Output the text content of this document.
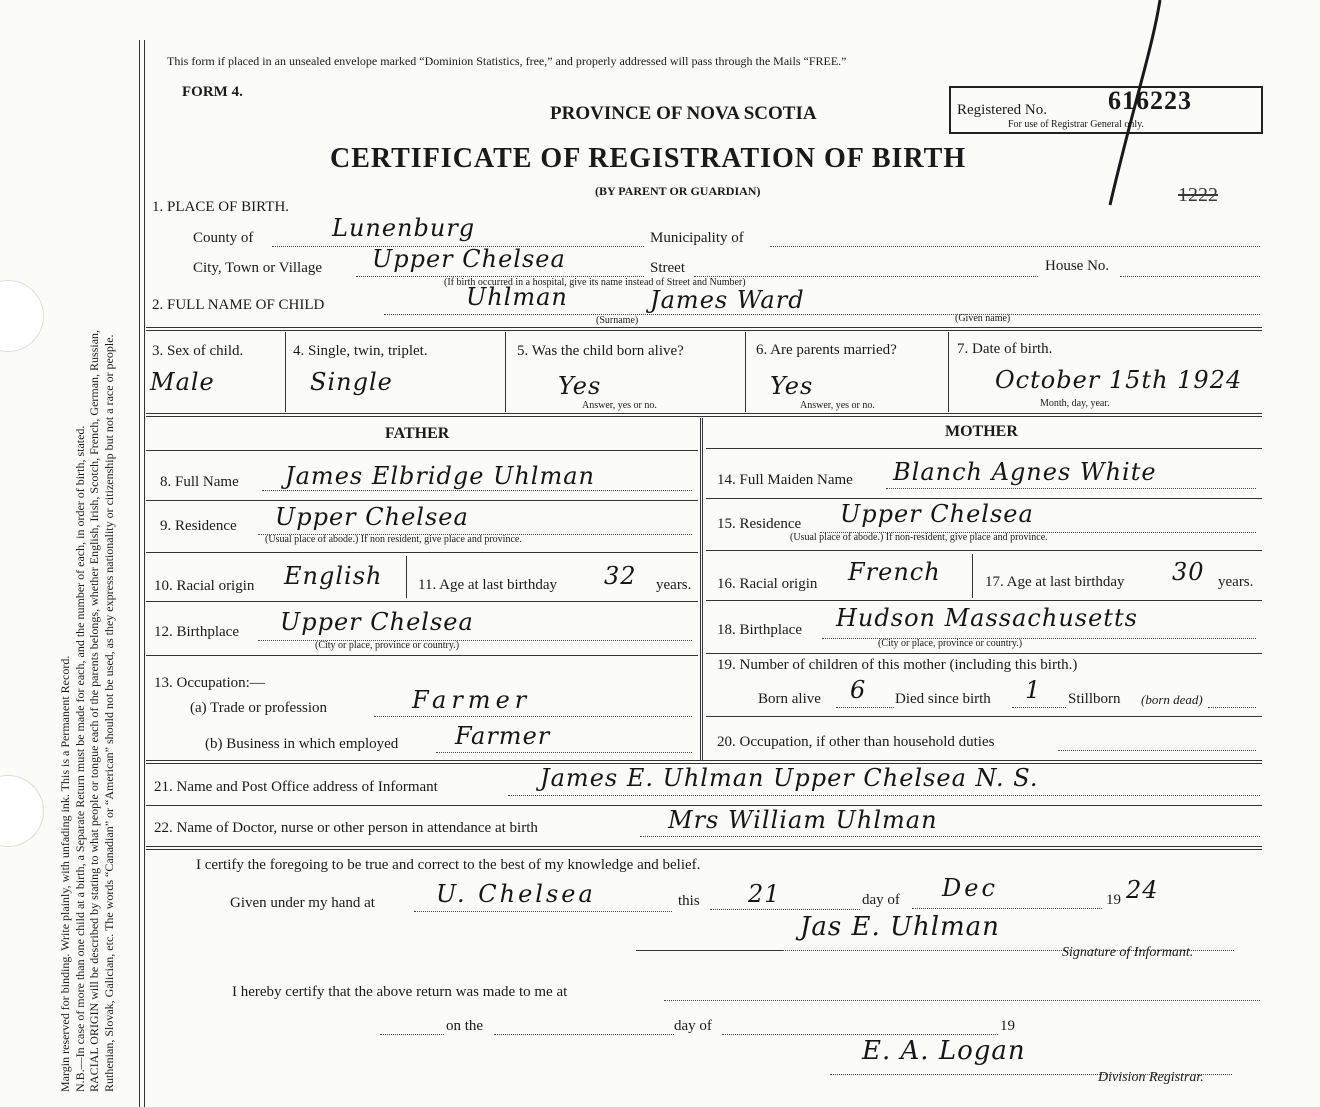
Margin reserved for binding. Write plainly, with unfading ink. This is a Permanent Record. N.B.—In case of more than one child at a birth, a Separate Return must be made for each, and the number of each, in order of birth, stated. RACIAL ORIGIN will be described by stating to what people or tongue each of the parents belongs, whether English, Irish, Scotch, French, German, Russian, Ruthenian, Slovak, Galician, etc. The words “Canadian” or “American” should not be used, as they express nationality or citizenship but not a race or people.
This form if placed in an unsealed envelope marked “Dominion Statistics, free,” and properly addressed will pass through the Mails “FREE.”
FORM 4.
PROVINCE OF NOVA SCOTIA
CERTIFICATE OF REGISTRATION OF BIRTH
(BY PARENT OR GUARDIAN)
Registered No. 616223
For use of Registrar General only.
1222
1. PLACE OF BIRTH.
County of	Lunenburg	Municipality of
City, Town or Village Upper Chelsea	Street	House No.
(If birth occurred in a hospital, give its name instead of Street and Number)
2. FULL NAME OF CHILD	Uhlman	James Ward
(Surname)	(Given name)
3. Sex of child.
Male
4. Single, twin, triplet.
Single
5. Was the child born alive?
Yes
Answer, yes or no.
6. Are parents married?
Yes
Answer, yes or no.
7. Date of birth.
October 15th 1924
Month, day, year.
FATHER	MOTHER
8. Full Name James Elbridge Uhlman
9. Residence Upper Chelsea
(Usual place of abode.) If non resident, give place and province.
10. Racial origin English 11. Age at last birthday 32 years.
12. Birthplace Upper Chelsea
(City or place, province or country.)
13. Occupation:—
(a) Trade or profession	Farmer
(b) Business in which employed Farmer
14. Full Maiden Name Blanch Agnes White
15. Residence Upper Chelsea
(Usual place of abode.) If non-resident, give place and province.
16. Racial origin French	17. Age at last birthday 30 years.
18. Birthplace Hudson Massachusetts
(City or place, province or country.)
19. Number of children of this mother (including this birth.)
Born alive 6 Died since birth 1 Stillborn (born dead)
20. Occupation, if other than household duties
21. Name and Post Office address of Informant	James E. Uhlman Upper Chelsea N. S.
22. Name of Doctor, nurse or other person in attendance at birth	Mrs William Uhlman
I certify the foregoing to be true and correct to the best of my knowledge and belief.
Given under my hand at	U. Chelsea	this 21	day of Dec	19 24
Jas E. Uhlman
Signature of Informant.
I hereby certify that the above return was made to me at
on the	day of	19
E. A. Logan
Division Registrar.
